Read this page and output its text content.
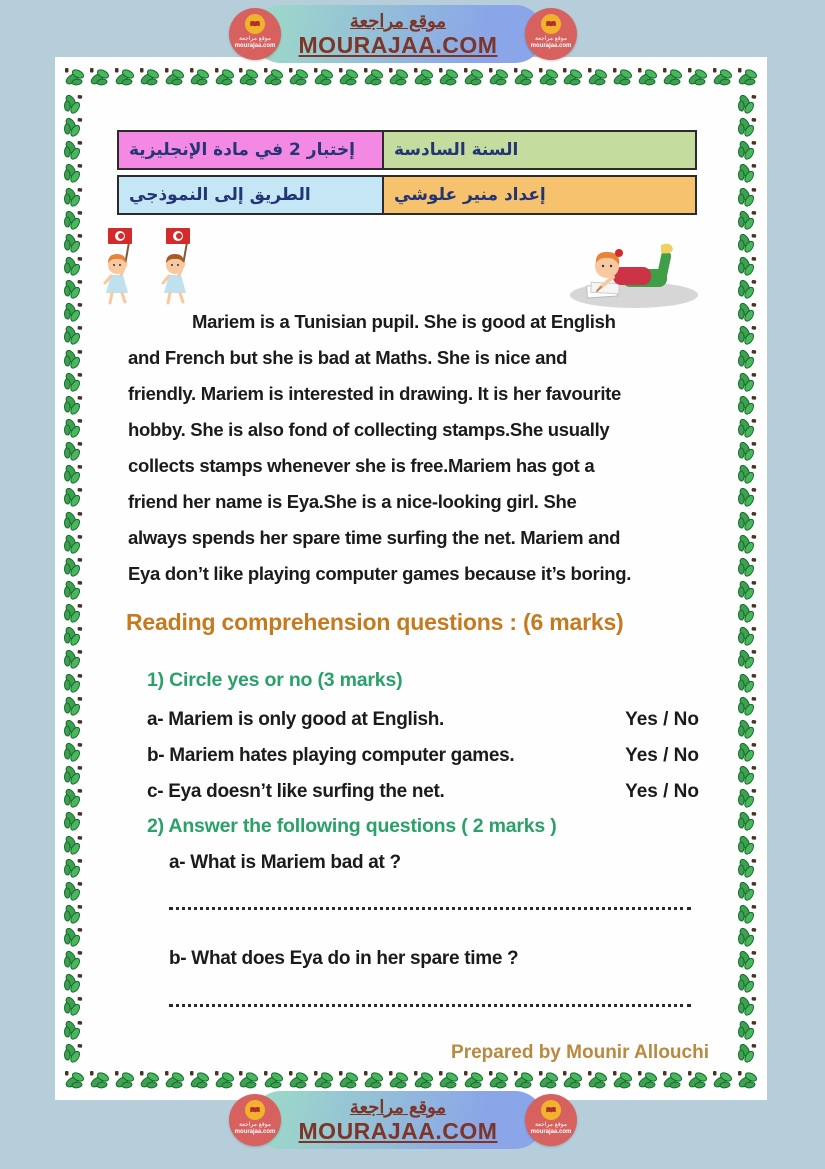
إختبار 2 في مادة الإنجليزية	السنة السادسة
الطريق إلى النموذجي	إعداد منير علوشي
Mariem is a Tunisian pupil. She is good at English
and French but she is bad at Maths. She is nice and
friendly. Mariem is interested in drawing. It is her favourite
hobby. She is also fond of collecting stamps.She usually
collects stamps whenever she is free.Mariem has got a
friend her name is Eya.She is a nice-looking girl. She
always spends her spare time surfing the net. Mariem and
Eya don’t like playing computer games because it’s boring.
Reading comprehension questions : (6 marks)
1) Circle yes or no (3 marks)
a- Mariem is only good at English.	Yes / No
b- Mariem hates playing computer games.	Yes / No
c- Eya doesn’t like surfing the net.	Yes / No
2) Answer the following questions ( 2 marks )
a- What is Mariem bad at ?
b- What does Eya do in her spare time ?
Prepared by Mounir Allouchi
موقع مراجعة
MOURAJAA.COM
موقع مراجعة
mourajaa.com
موقع مراجعة
mourajaa.com
موقع مراجعة
MOURAJAA.COM
موقع مراجعة
mourajaa.com
موقع مراجعة
mourajaa.com
